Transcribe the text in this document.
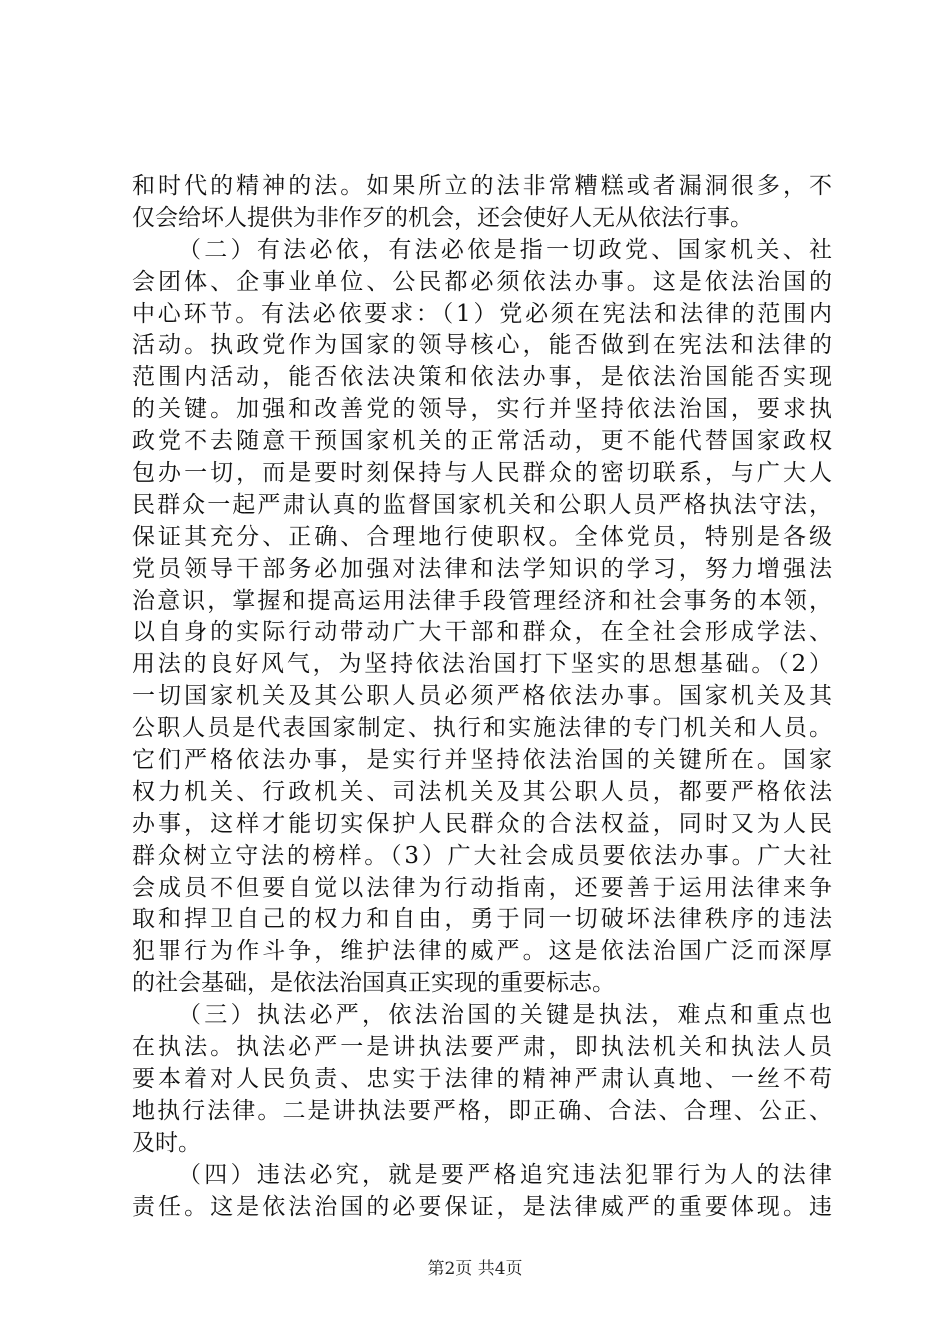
和时代的精神的法。如果所立的法非常糟糕或者漏洞很多，不
仅会给坏人提供为非作歹的机会，还会使好人无从依法行事。
（二）有法必依，有法必依是指一切政党、国家机关、社
会团体、企事业单位、公民都必须依法办事。这是依法治国的
中心环节。有法必依要求：（1）党必须在宪法和法律的范围内
活动。执政党作为国家的领导核心，能否做到在宪法和法律的
范围内活动，能否依法决策和依法办事，是依法治国能否实现
的关键。加强和改善党的领导，实行并坚持依法治国，要求执
政党不去随意干预国家机关的正常活动，更不能代替国家政权
包办一切，而是要时刻保持与人民群众的密切联系，与广大人
民群众一起严肃认真的监督国家机关和公职人员严格执法守法，
保证其充分、正确、合理地行使职权。全体党员，特别是各级
党员领导干部务必加强对法律和法学知识的学习，努力增强法
治意识，掌握和提高运用法律手段管理经济和社会事务的本领，
以自身的实际行动带动广大干部和群众，在全社会形成学法、
用法的良好风气，为坚持依法治国打下坚实的思想基础。（2）
一切国家机关及其公职人员必须严格依法办事。国家机关及其
公职人员是代表国家制定、执行和实施法律的专门机关和人员。
它们严格依法办事，是实行并坚持依法治国的关键所在。国家
权力机关、行政机关、司法机关及其公职人员，都要严格依法
办事，这样才能切实保护人民群众的合法权益，同时又为人民
群众树立守法的榜样。（3）广大社会成员要依法办事。广大社
会成员不但要自觉以法律为行动指南，还要善于运用法律来争
取和捍卫自己的权力和自由，勇于同一切破坏法律秩序的违法
犯罪行为作斗争，维护法律的威严。这是依法治国广泛而深厚
的社会基础，是依法治国真正实现的重要标志。
（三）执法必严，依法治国的关键是执法，难点和重点也
在执法。执法必严一是讲执法要严肃，即执法机关和执法人员
要本着对人民负责、忠实于法律的精神严肃认真地、一丝不苟
地执行法律。二是讲执法要严格，即正确、合法、合理、公正、
及时。
（四）违法必究，就是要严格追究违法犯罪行为人的法律
责任。这是依法治国的必要保证，是法律威严的重要体现。违
第2页 共4页
